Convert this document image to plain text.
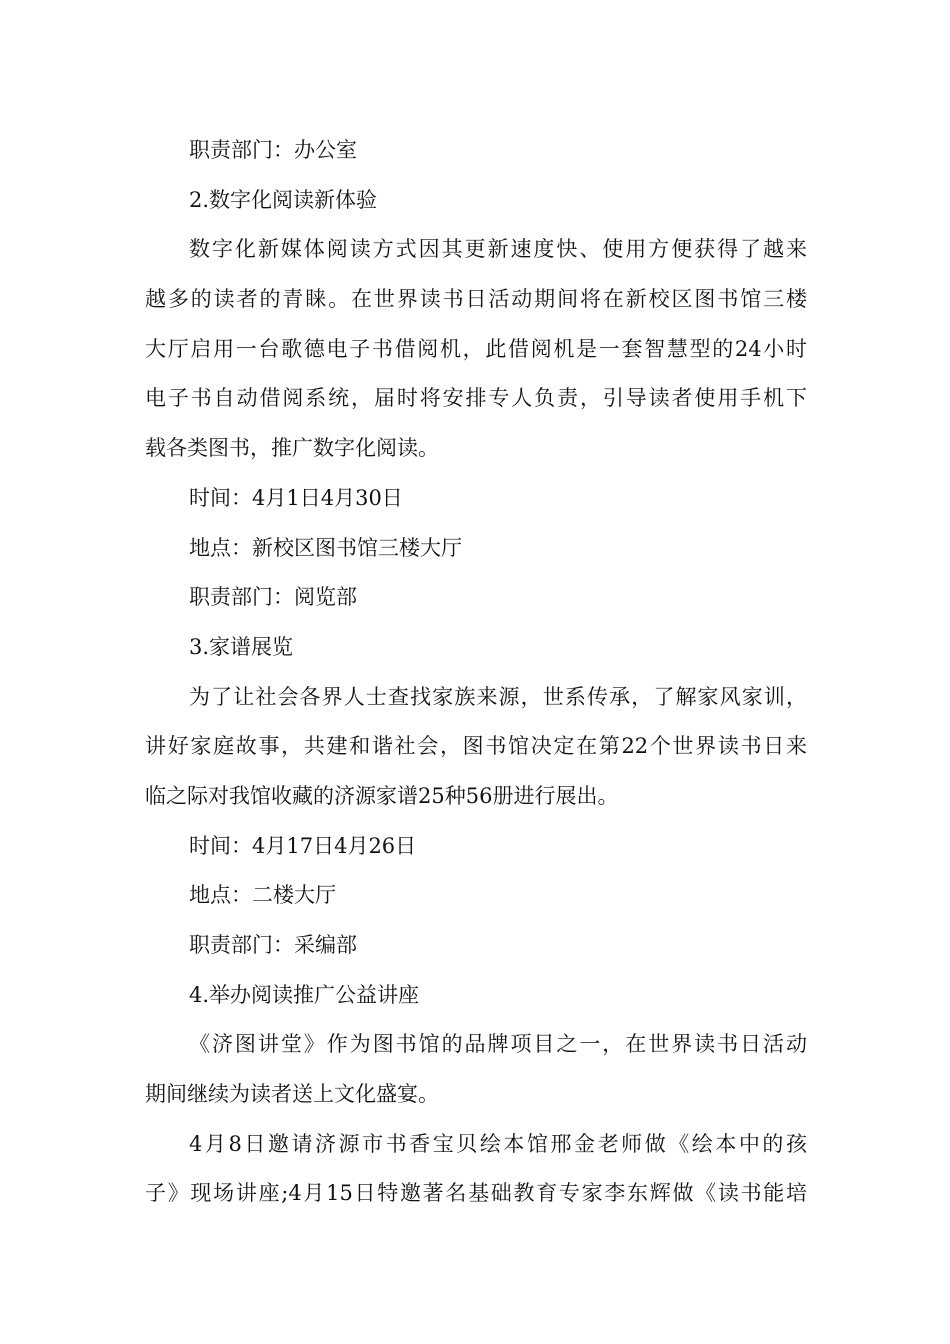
职责部门：办公室
2.数字化阅读新体验
数字化新媒体阅读方式因其更新速度快、使用方便获得了越来
越多的读者的青睐。在世界读书日活动期间将在新校区图书馆三楼
大厅启用一台歌德电子书借阅机，此借阅机是一套智慧型的24小时
电子书自动借阅系统，届时将安排专人负责，引导读者使用手机下
载各类图书，推广数字化阅读。
时间：4月1日4月30日
地点：新校区图书馆三楼大厅
职责部门：阅览部
3.家谱展览
为了让社会各界人士查找家族来源，世系传承，了解家风家训，
讲好家庭故事，共建和谐社会，图书馆决定在第22个世界读书日来
临之际对我馆收藏的济源家谱25种56册进行展出。
时间：4月17日4月26日
地点：二楼大厅
职责部门：采编部
4.举办阅读推广公益讲座
《济图讲堂》作为图书馆的品牌项目之一，在世界读书日活动
期间继续为读者送上文化盛宴。
4月8日邀请济源市书香宝贝绘本馆邢金老师做《绘本中的孩
子》现场讲座;4月15日特邀著名基础教育专家李东辉做《读书能培
